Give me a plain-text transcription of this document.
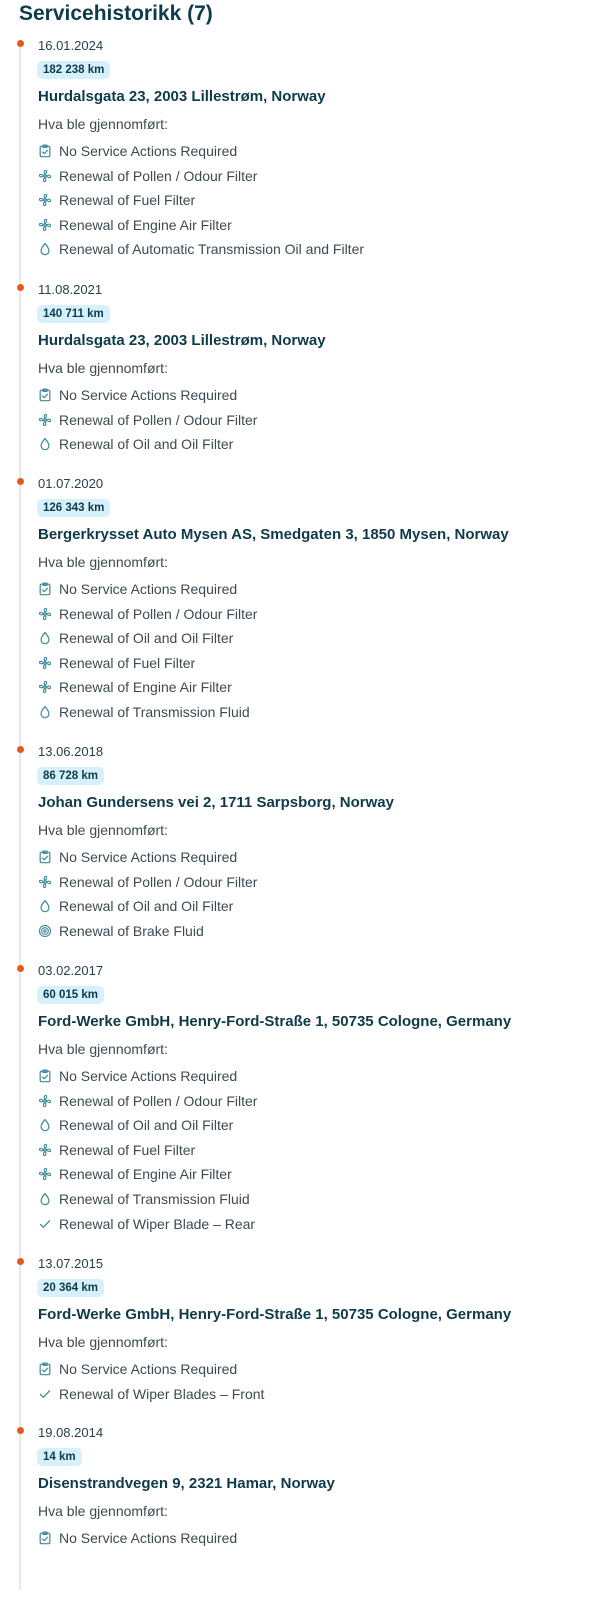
Servicehistorikk (7)
16.01.2024
182 238 km
Hurdalsgata 23, 2003 Lillestrøm, Norway
Hva ble gjennomført:
No Service Actions Required
Renewal of Pollen / Odour Filter
Renewal of Fuel Filter
Renewal of Engine Air Filter
Renewal of Automatic Transmission Oil and Filter
11.08.2021
140 711 km
Hurdalsgata 23, 2003 Lillestrøm, Norway
Hva ble gjennomført:
No Service Actions Required
Renewal of Pollen / Odour Filter
Renewal of Oil and Oil Filter
01.07.2020
126 343 km
Bergerkrysset Auto Mysen AS, Smedgaten 3, 1850 Mysen, Norway
Hva ble gjennomført:
No Service Actions Required
Renewal of Pollen / Odour Filter
Renewal of Oil and Oil Filter
Renewal of Fuel Filter
Renewal of Engine Air Filter
Renewal of Transmission Fluid
13.06.2018
86 728 km
Johan Gundersens vei 2, 1711 Sarpsborg, Norway
Hva ble gjennomført:
No Service Actions Required
Renewal of Pollen / Odour Filter
Renewal of Oil and Oil Filter
Renewal of Brake Fluid
03.02.2017
60 015 km
Ford-Werke GmbH, Henry-Ford-Straße 1, 50735 Cologne, Germany
Hva ble gjennomført:
No Service Actions Required
Renewal of Pollen / Odour Filter
Renewal of Oil and Oil Filter
Renewal of Fuel Filter
Renewal of Engine Air Filter
Renewal of Transmission Fluid
Renewal of Wiper Blade – Rear
13.07.2015
20 364 km
Ford-Werke GmbH, Henry-Ford-Straße 1, 50735 Cologne, Germany
Hva ble gjennomført:
No Service Actions Required
Renewal of Wiper Blades – Front
19.08.2014
14 km
Disenstrandvegen 9, 2321 Hamar, Norway
Hva ble gjennomført:
No Service Actions Required
